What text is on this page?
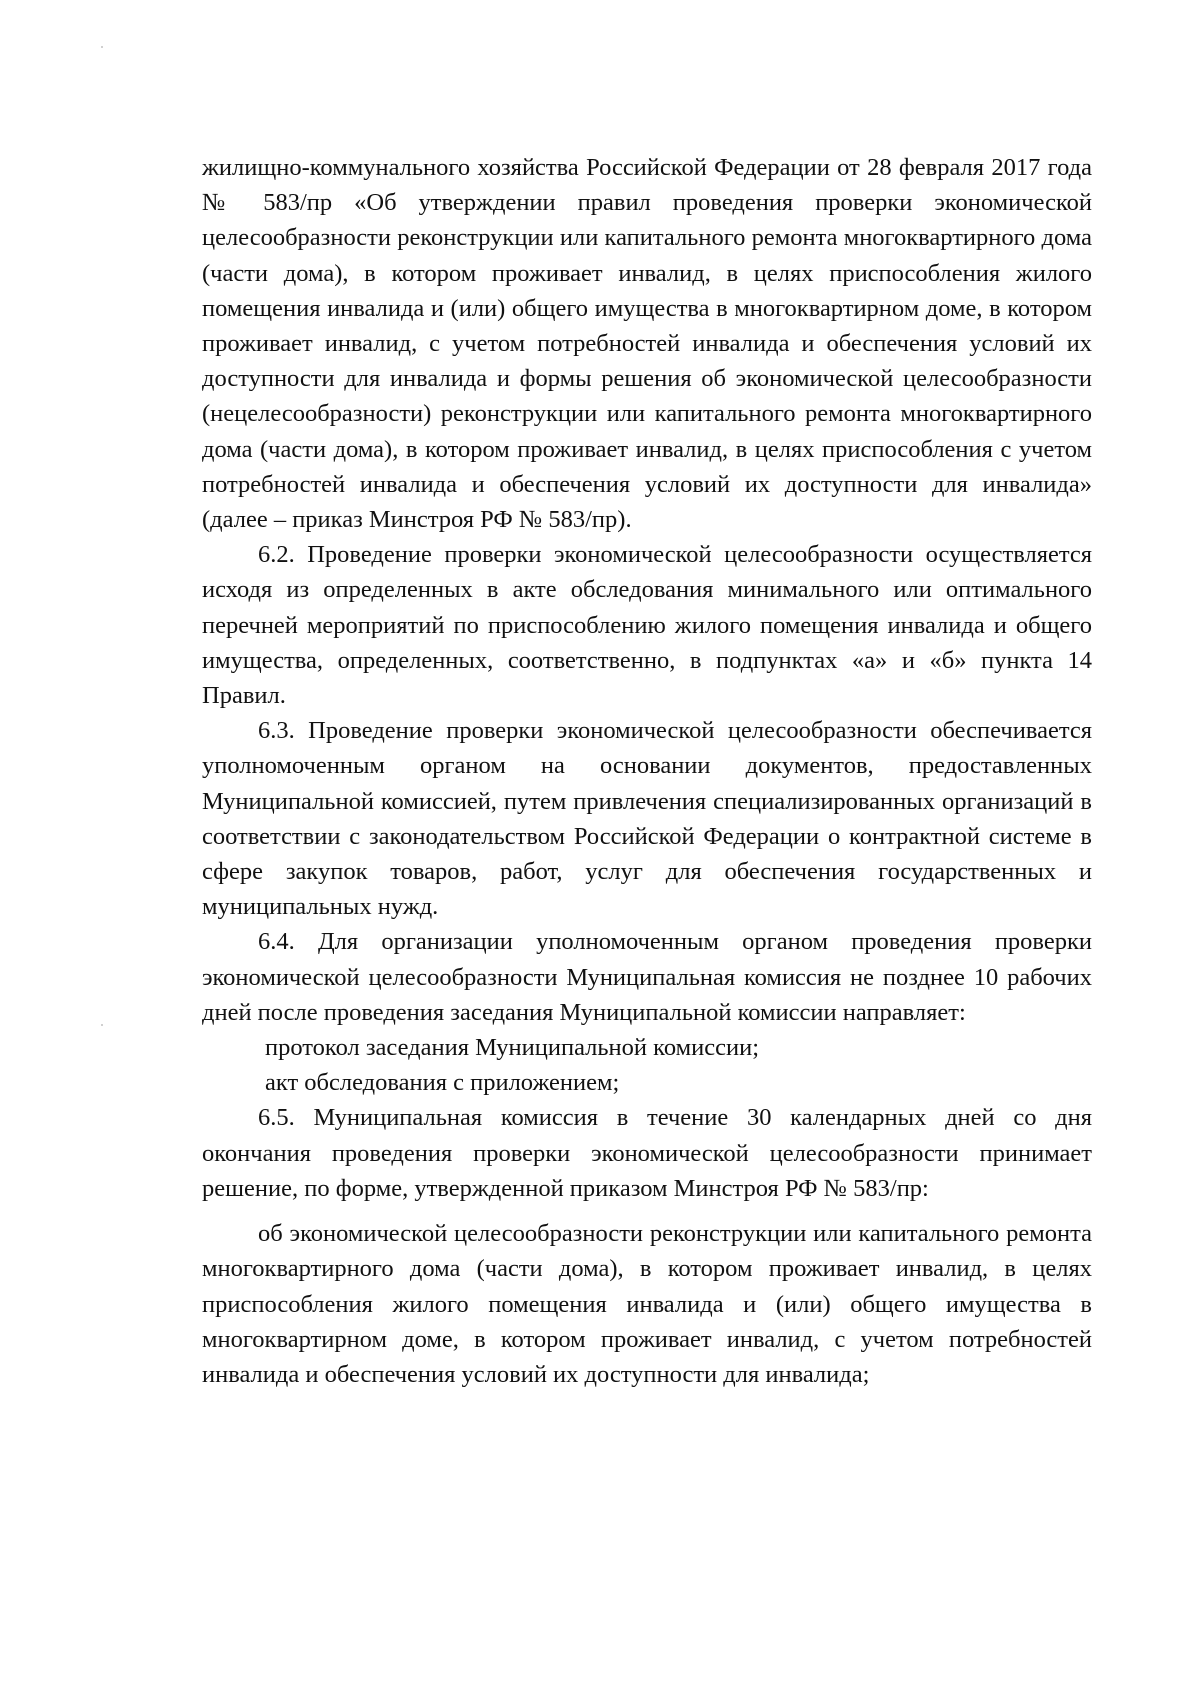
жилищно-коммунального хозяйства Российской Федерации от 28 февраля 2017 года № 583/пр «Об утверждении правил проведения проверки экономической целесообразности реконструкции или капитального ремонта многоквартирного дома (части дома), в котором проживает инвалид, в целях приспособления жилого помещения инвалида и (или) общего имущества в многоквартирном доме, в котором проживает инвалид, с учетом потребностей инвалида и обеспечения условий их доступности для инвалида и формы решения об экономической целесообразности (нецелесообразности) реконструкции или капитального ремонта многоквартирного дома (части дома), в котором проживает инвалид, в целях приспособления с учетом потребностей инвалида и обеспечения условий их доступности для инвалида» (далее – приказ Минстроя РФ № 583/пр).

6.2. Проведение проверки экономической целесообразности осуществляется исходя из определенных в акте обследования минимального или оптимального перечней мероприятий по приспособлению жилого помещения инвалида и общего имущества, определенных, соответственно, в подпунктах «а» и «б» пункта 14 Правил.

6.3. Проведение проверки экономической целесообразности обеспечивается уполномоченным органом на основании документов, предоставленных Муниципальной комиссией, путем привлечения специализированных организаций в соответствии с законодательством Российской Федерации о контрактной системе в сфере закупок товаров, работ, услуг для обеспечения государственных и муниципальных нужд.

6.4. Для организации уполномоченным органом проведения проверки экономической целесообразности Муниципальная комиссия не позднее 10 рабочих дней после проведения заседания Муниципальной комиссии направляет:

протокол заседания Муниципальной комиссии;

акт обследования с приложением;

6.5. Муниципальная комиссия в течение 30 календарных дней со дня окончания проведения проверки экономической целесообразности принимает решение, по форме, утвержденной приказом Минстроя РФ № 583/пр:

об экономической целесообразности реконструкции или капитального ремонта многоквартирного дома (части дома), в котором проживает инвалид, в целях приспособления жилого помещения инвалида и (или) общего имущества в многоквартирном доме, в котором проживает инвалид, с учетом потребностей инвалида и обеспечения условий их доступности для инвалида;
